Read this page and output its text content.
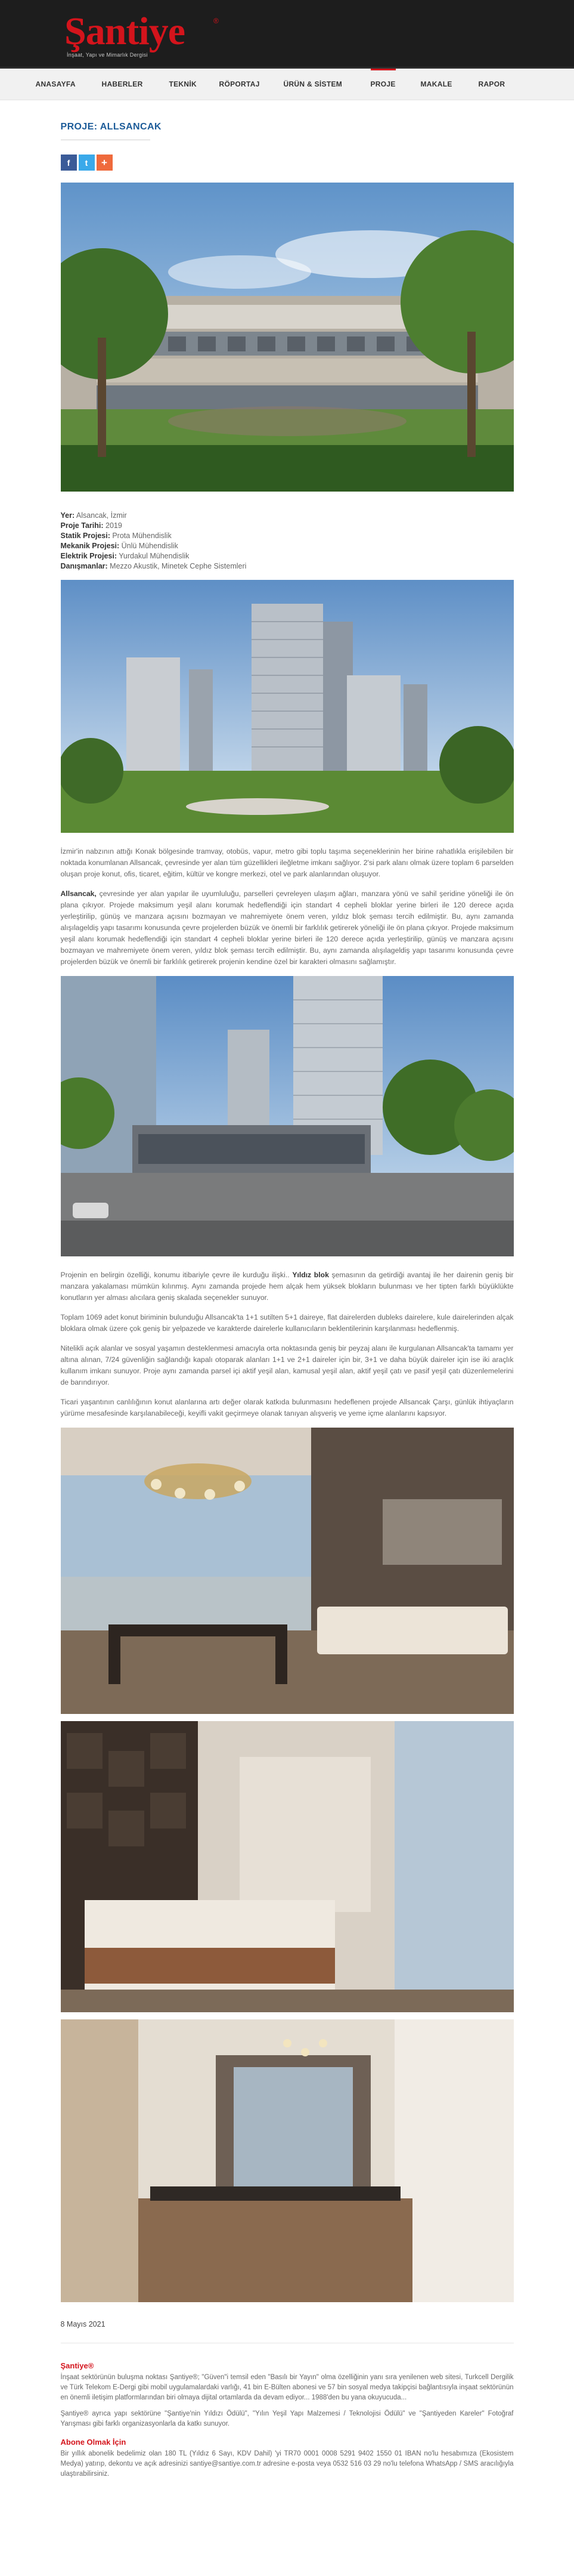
Şantiye	®
İnşaat, Yapı ve Mimarlık Dergisi
ANASAYFA	HABERLER	TEKNİK	RÖPORTAJ	ÜRÜN & SİSTEM	PROJE	MAKALE	RAPOR
PROJE: ALLSANCAK
f	t	+
Yer: Alsancak, İzmir
Proje Tarihi: 2019
Statik Projesi: Prota Mühendislik
Mekanik Projesi: Ünlü Mühendislik
Elektrik Projesi: Yurdakul Mühendislik
Danışmanlar: Mezzo Akustik, Minetek Cephe Sistemleri

İzmir'in nabzının attığı Konak bölgesinde tramvay, otobüs, vapur, metro gibi toplu taşıma seçeneklerinin her birine rahatlıkla erişilebilen bir noktada konumlanan Allsancak, çevresinde yer alan tüm güzellikleri ileğletme imkanı sağlıyor. 2'si park alanı olmak üzere toplam 6 parselden oluşan proje konut, ofis, ticaret, eğitim, kültür ve kongre merkezi, otel ve park alanlarından oluşuyor.

Allsancak, çevresinde yer alan yapılar ile uyumluluğu, parselleri çevreleyen ulaşım ağları, manzara yönü ve sahil şeridine yöneliği ile ön plana çıkıyor. Projede maksimum yeşil alanı korumak hedeflendiği için standart 4 cepheli bloklar yerine birleri ile 120 derece açıda yerleştirilip, günüş ve manzara açısını bozmayan ve mahremiyete önem veren, yıldız blok şeması tercih edilmiştir. Bu, aynı zamanda alışılageldiş yapı tasarımı konusunda çevre projelerden büzük ve önemli bir farklılık getirerek yöneliği ile ön plana çıkıyor. Projede maksimum yeşil alanı korumak hedeflendiği için standart 4 cepheli bloklar yerine birleri ile 120 derece açıda yerleştirilip, günüş ve manzara açısını bozmayan ve mahremiyete önem veren, yıldız blok şeması tercih edilmiştir. Bu, aynı zamanda alışılageldiş yapı tasarımı konusunda çevre projelerden büzük ve önemli bir farklılık getirerek projenin kendine özel bir karakteri olmasını sağlamıştır.

Projenin en belirgin özelliği, konumu itibariyle çevre ile kurduğu ilişki.. Yıldız blok şemasının da getirdiği avantaj ile her dairenin geniş bir manzara yakalaması mümkün kılınmış. Aynı zamanda projede hem alçak hem yüksek blokların bulunması ve her tipten farklı büyüklükte konutların yer alması alıcılara geniş skalada seçenekler sunuyor.

Toplam 1069 adet konut biriminin bulunduğu Allsancak'ta 1+1 sutilten 5+1 daireye, flat dairelerden dubleks dairelere, kule dairelerinden alçak bloklara olmak üzere çok geniş bir yelpazede ve karakterde dairelerle kullanıcıların beklentilerinin karşılanması hedeflenmiş.

Nitelikli açık alanlar ve sosyal yaşamın desteklenmesi amacıyla orta noktasında geniş bir peyzaj alanı ile kurgulanan Allsancak'ta tamamı yer altına alınan, 7/24 güvenliğin sağlandığı kapalı otoparak alanları 1+1 ve 2+1 daireler için bir, 3+1 ve daha büyük daireler için ise iki araçlık kullanım imkanı sunuyor. Proje aynı zamanda parsel içi aktif yeşil alan, kamusal yeşil alan, aktif yeşil çatı ve pasif yeşil çatı düzenlemelerini de barındırıyor.

Ticari yaşantının canlılığının konut alanlarına artı değer olarak katkıda bulunmasını hedeflenen projede Allsancak Çarşı, günlük ihtiyaçların yürüme mesafesinde karşılanabileceği, keyifli vakit geçirmeye olanak tanıyan alışveriş ve yeme içme alanlarını kapsıyor.

8 Mayıs 2021
Şantiye®

İnşaat sektörünün buluşma noktası Şantiye®; "Güven"i temsil eden "Basılı bir Yayın" olma özelliğinin yanı sıra yenilenen web sitesi, Turkcell Dergilik ve Türk Telekom E-Dergi gibi mobil uygulamalardaki varlığı, 41 bin E-Bülten abonesi ve 57 bin sosyal medya takipçisi bağlantısıyla inşaat sektörünün en önemli iletişim platformlarından biri olmaya dijital ortamlarda da devam ediyor... 1988'den bu yana okuyucuda...

Şantiye® ayrıca yapı sektörüne "Şantiye'nin Yıldızı Ödülü", "Yılın Yeşil Yapı Malzemesi / Teknolojisi Ödülü" ve "Şantiyeden Kareler" Fotoğraf Yarışması gibi farklı organizasyonlarla da katkı sunuyor.

Abone Olmak İçin

Bir yıllık abonelik bedelimiz olan 180 TL (Yıldız 6 Sayı, KDV Dahil) 'yi TR70 0001 0008 5291 9402 1550 01 IBAN no'lu hesabımıza (Ekosistem Medya) yatırıp, dekontu ve açık adresinizi santiye@santiye.com.tr adresine e-posta veya 0532 516 03 29 no'lu telefona WhatsApp / SMS aracılığıyla ulaştırabilirsiniz.
